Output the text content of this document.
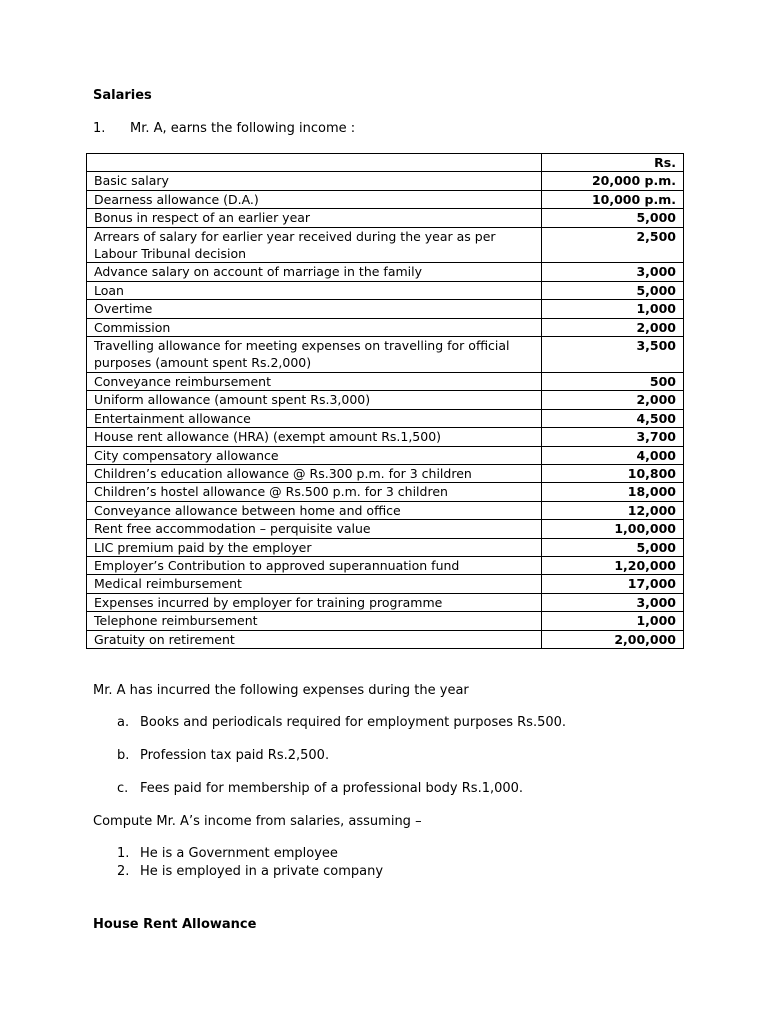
Salaries
1. Mr. A, earns the following income :
	Rs.
Basic salary	20,000 p.m.
Dearness allowance (D.A.)	10,000 p.m.
Bonus in respect of an earlier year	5,000
Arrears of salary for earlier year received during the year as per Labour Tribunal decision	2,500
Advance salary on account of marriage in the family	3,000
Loan	5,000
Overtime	1,000
Commission	2,000
Travelling allowance for meeting expenses on travelling for official purposes (amount spent Rs.2,000)	3,500
Conveyance reimbursement	500
Uniform allowance (amount spent Rs.3,000)	2,000
Entertainment allowance	4,500
House rent allowance (HRA) (exempt amount Rs.1,500)	3,700
City compensatory allowance	4,000
Children’s education allowance @ Rs.300 p.m. for 3 children	10,800
Children’s hostel allowance @ Rs.500 p.m. for 3 children	18,000
Conveyance allowance between home and office	12,000
Rent free accommodation – perquisite value	1,00,000
LIC premium paid by the employer	5,000
Employer’s Contribution to approved superannuation fund	1,20,000
Medical reimbursement	17,000
Expenses incurred by employer for training programme	3,000
Telephone reimbursement	1,000
Gratuity on retirement	2,00,000
Mr. A has incurred the following expenses during the year
a. Books and periodicals required for employment purposes Rs.500.
b. Profession tax paid Rs.2,500.
c. Fees paid for membership of a professional body Rs.1,000.
Compute Mr. A’s income from salaries, assuming –
1. He is a Government employee
2. He is employed in a private company
House Rent Allowance
